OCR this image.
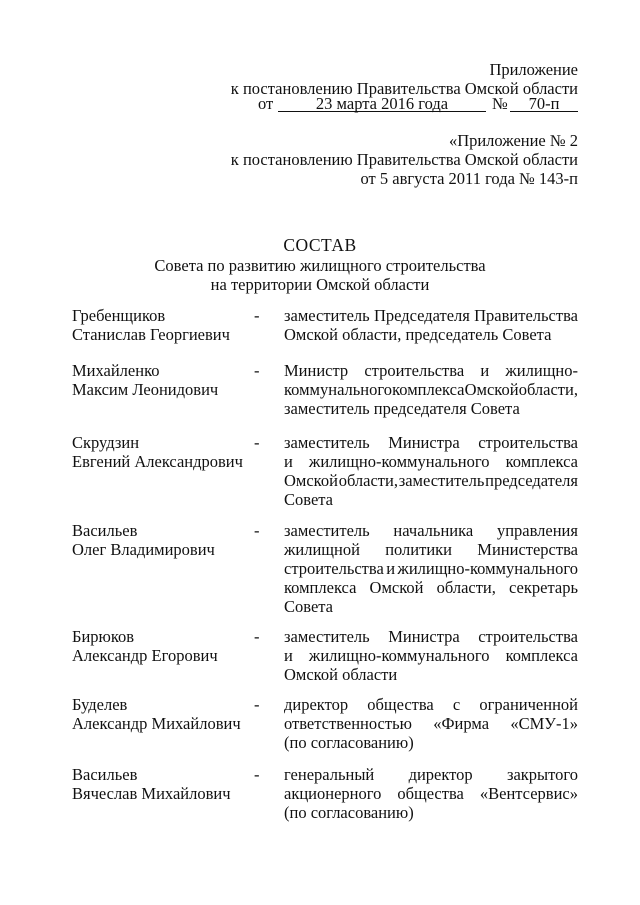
Приложение
к постановлению Правительства Омской области
от	23 марта 2016 года	№	70-п
«Приложение № 2
к постановлению Правительства Омской области
от 5 августа 2011 года № 143-п
СОСТАВ
Совета по развитию жилищного строительства
на территории Омской области
Гребенщиков
Станислав Георгиевич
- заместитель Председателя Правительства
Омской области, председатель Совета
Михайленко
Максим Леонидович
- Министр строительства и жилищно-
коммунального комплекса Омской области,
заместитель председателя Совета
Скрудзин
Евгений Александрович
- заместитель Министра строительства
и жилищно-коммунального комплекса
Омской области, заместитель председателя
Совета
Васильев
Олег Владимирович
- заместитель начальника управления
жилищной политики Министерства
строительства и жилищно-коммунального
комплекса Омской области, секретарь
Совета
Бирюков
Александр Егорович
- заместитель Министра строительства
и жилищно-коммунального комплекса
Омской области
Буделев
Александр Михайлович
- директор общества с ограниченной
ответственностью «Фирма «СМУ-1»
(по согласованию)
Васильев
Вячеслав Михайлович
- генеральный директор закрытого
акционерного общества «Вентсервис»
(по согласованию)
